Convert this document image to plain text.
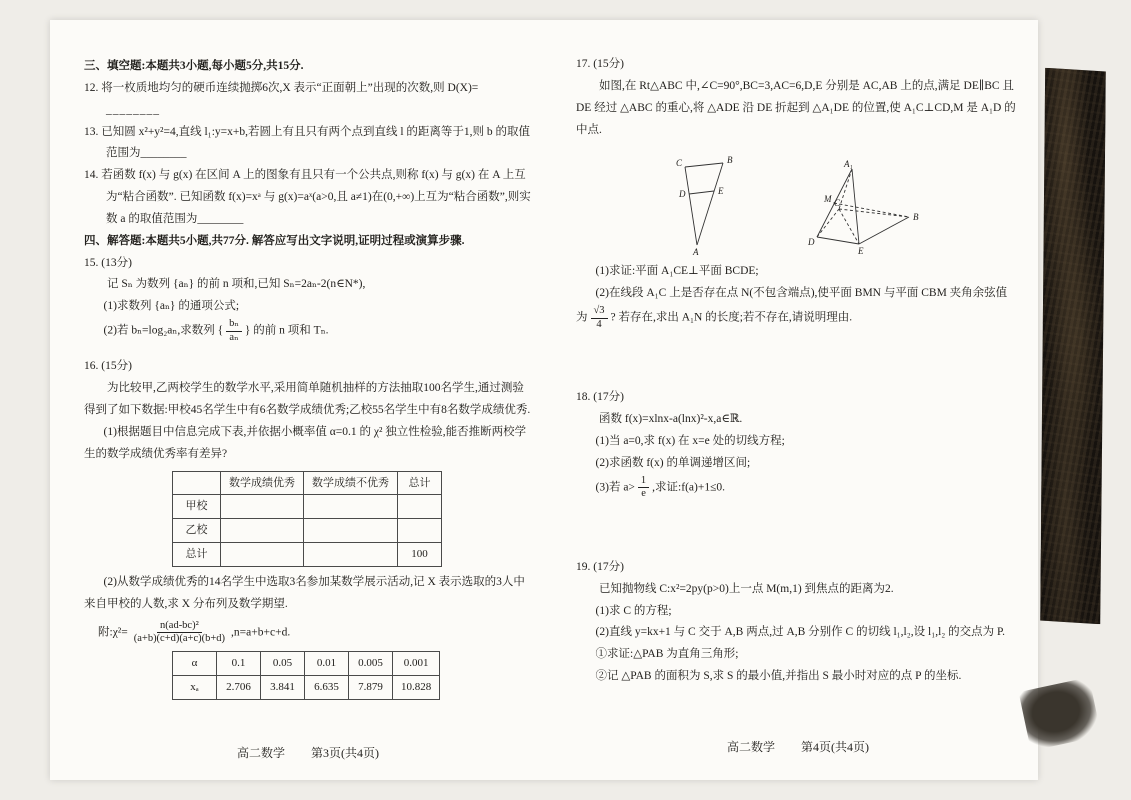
三、填空题:本题共3小题,每小题5分,共15分.

12. 将一枚质地均匀的硬币连续抛掷6次,X 表示“正面朝上”出现的次数,则 D(X)=

________

13. 已知圆 x²+y²=4,直线 l₁:y=x+b,若圆上有且只有两个点到直线 l 的距离等于1,则 b 的取值范围为________

14. 若函数 f(x) 与 g(x) 在区间 A 上的图象有且只有一个公共点,则称 f(x) 与 g(x) 在 A 上互为“粘合函数”. 已知函数 f(x)=xᵃ 与 g(x)=aˣ(a>0,且 a≠1)在(0,+∞)上互为“粘合函数”,则实数 a 的取值范围为________

四、解答题:本题共5小题,共77分. 解答应写出文字说明,证明过程或演算步骤.

15. (13分)

记 Sₙ 为数列 {aₙ} 的前 n 项和,已知 Sₙ=2aₙ-2(n∈N*),

(1)求数列 {aₙ} 的通项公式;

(2)若 bₙ=log₂aₙ,求数列 { $\frac{\text{bₙ}}{\text{aₙ}}$ } 的前 n 项和 Tₙ.

16. (15分)

为比较甲,乙两校学生的数学水平,采用简单随机抽样的方法抽取100名学生,通过测验得到了如下数据:甲校45名学生中有6名数学成绩优秀;乙校55名学生中有8名数学成绩优秀.

(1)根据题目中信息完成下表,并依据小概率值 α=0.1 的 χ² 独立性检验,能否推断两校学生的数学成绩优秀率有差异?

	数学成绩优秀	数学成绩不优秀	总计
甲校			
乙校			
总计			100

(2)从数学成绩优秀的14名学生中选取3名参加某数学展示活动,记 X 表示选取的3人中来自甲校的人数,求 X 分布列及数学期望.

附:χ²= $\frac{\text{n(ad-bc)²}}{(a+b)(c+d)(a+c)(b+d)} ,n=a+b+c+d$.

α	0.1	0.05	0.01	0.005	0.001
xₐ	2.706	3.841	6.635	7.879	10.828
高二数学 第3页(共4页)

17. (15分)

如图,在 Rt△ABC 中,∠C=90°,BC=3,AC=6,D,E 分别是 AC,AB 上的点,满足 DE∥BC 且 DE 经过 △ABC 的重心,将 △ADE 沿 DE 折起到 △A₁DE 的位置,使 A₁C⊥CD,M 是 A₁D 的中点.

C	B
D	E
A
A₁
M C
B
D
E

(1)求证:平面 A₁CE⊥平面 BCDE;

(2)在线段 A₁C 上是否存在点 N(不包含端点),使平面 BMN 与平面 CBM 夹角余弦值

为 $\frac{√3}{4}$ ? 若存在,求出 A₁N 的长度;若不存在,请说明理由.

18. (17分)

函数 f(x)=xlnx-a(lnx)²-x,a∈ℝ.

(1)当 a=0,求 f(x) 在 x=e 处的切线方程;

(2)求函数 f(x) 的单调递增区间;

(3)若 $a> \frac{1}{e}$ ,求证:f(a)+1≤0.

19. (17分)

已知抛物线 C:x²=2py(p>0)上一点 M(m,1) 到焦点的距离为2.

(1)求 C 的方程;

(2)直线 y=kx+1 与 C 交于 A,B 两点,过 A,B 分别作 C 的切线 l₁,l₂,设 l₁,l₂ 的交点为 P.

①求证:△PAB 为直角三角形;

②记 △PAB 的面积为 S,求 S 的最小值,并指出 S 最小时对应的点 P 的坐标.

高二数学 第4页(共4页)
